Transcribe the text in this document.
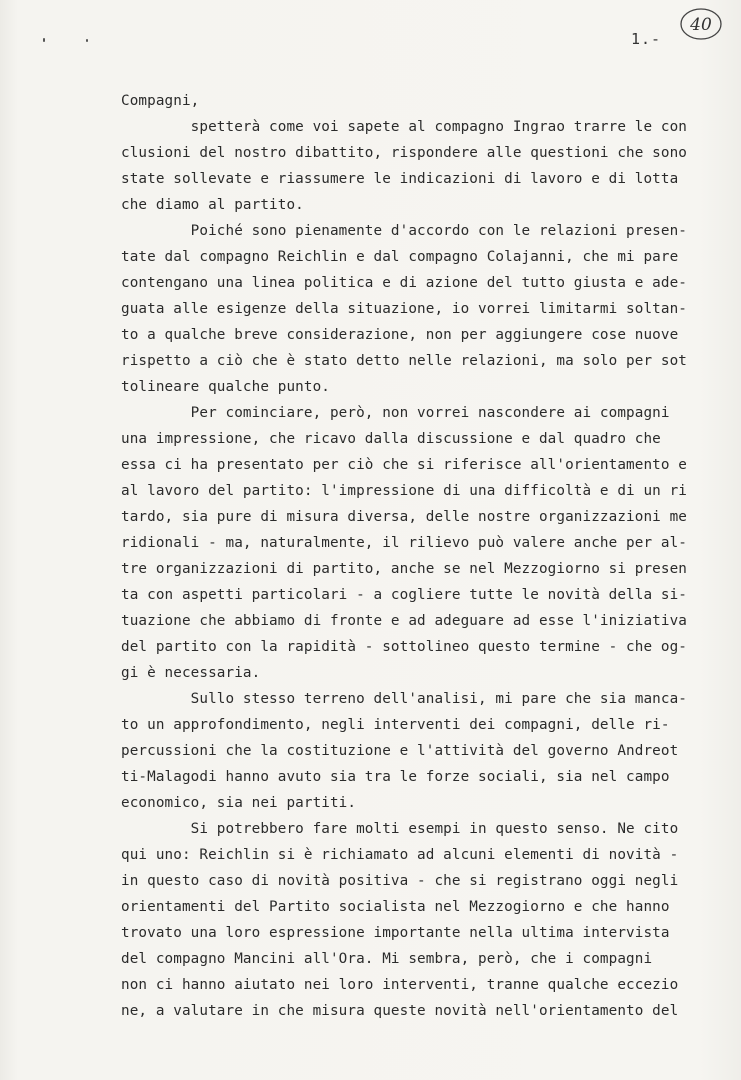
1.-
40
Compagni,
spetterà come voi sapete al compagno Ingrao trarre le con
clusioni del nostro dibattito, rispondere alle questioni che sono
state sollevate e riassumere le indicazioni di lavoro e di lotta
che diamo al partito.
Poiché sono pienamente d'accordo con le relazioni presen-
tate dal compagno Reichlin e dal compagno Colajanni, che mi pare
contengano una linea politica e di azione del tutto giusta e ade-
guata alle esigenze della situazione, io vorrei limitarmi soltan-
to a qualche breve considerazione, non per aggiungere cose nuove
rispetto a ciò che è stato detto nelle relazioni, ma solo per sot
tolineare qualche punto.
Per cominciare, però, non vorrei nascondere ai compagni
una impressione, che ricavo dalla discussione e dal quadro che
essa ci ha presentato per ciò che si riferisce all'orientamento e
al lavoro del partito: l'impressione di una difficoltà e di un ri
tardo, sia pure di misura diversa, delle nostre organizzazioni me
ridionali - ma, naturalmente, il rilievo può valere anche per al-
tre organizzazioni di partito, anche se nel Mezzogiorno si presen
ta con aspetti particolari - a cogliere tutte le novità della si-
tuazione che abbiamo di fronte e ad adeguare ad esse l'iniziativa
del partito con la rapidità - sottolineo questo termine - che og-
gi è necessaria.
Sullo stesso terreno dell'analisi, mi pare che sia manca-
to un approfondimento, negli interventi dei compagni, delle ri-
percussioni che la costituzione e l'attività del governo Andreot
ti-Malagodi hanno avuto sia tra le forze sociali, sia nel campo
economico, sia nei partiti.
Si potrebbero fare molti esempi in questo senso. Ne cito
qui uno: Reichlin si è richiamato ad alcuni elementi di novità -
in questo caso di novità positiva - che si registrano oggi negli
orientamenti del Partito socialista nel Mezzogiorno e che hanno
trovato una loro espressione importante nella ultima intervista
del compagno Mancini all'Ora. Mi sembra, però, che i compagni
non ci hanno aiutato nei loro interventi, tranne qualche eccezio
ne, a valutare in che misura queste novità nell'orientamento del
